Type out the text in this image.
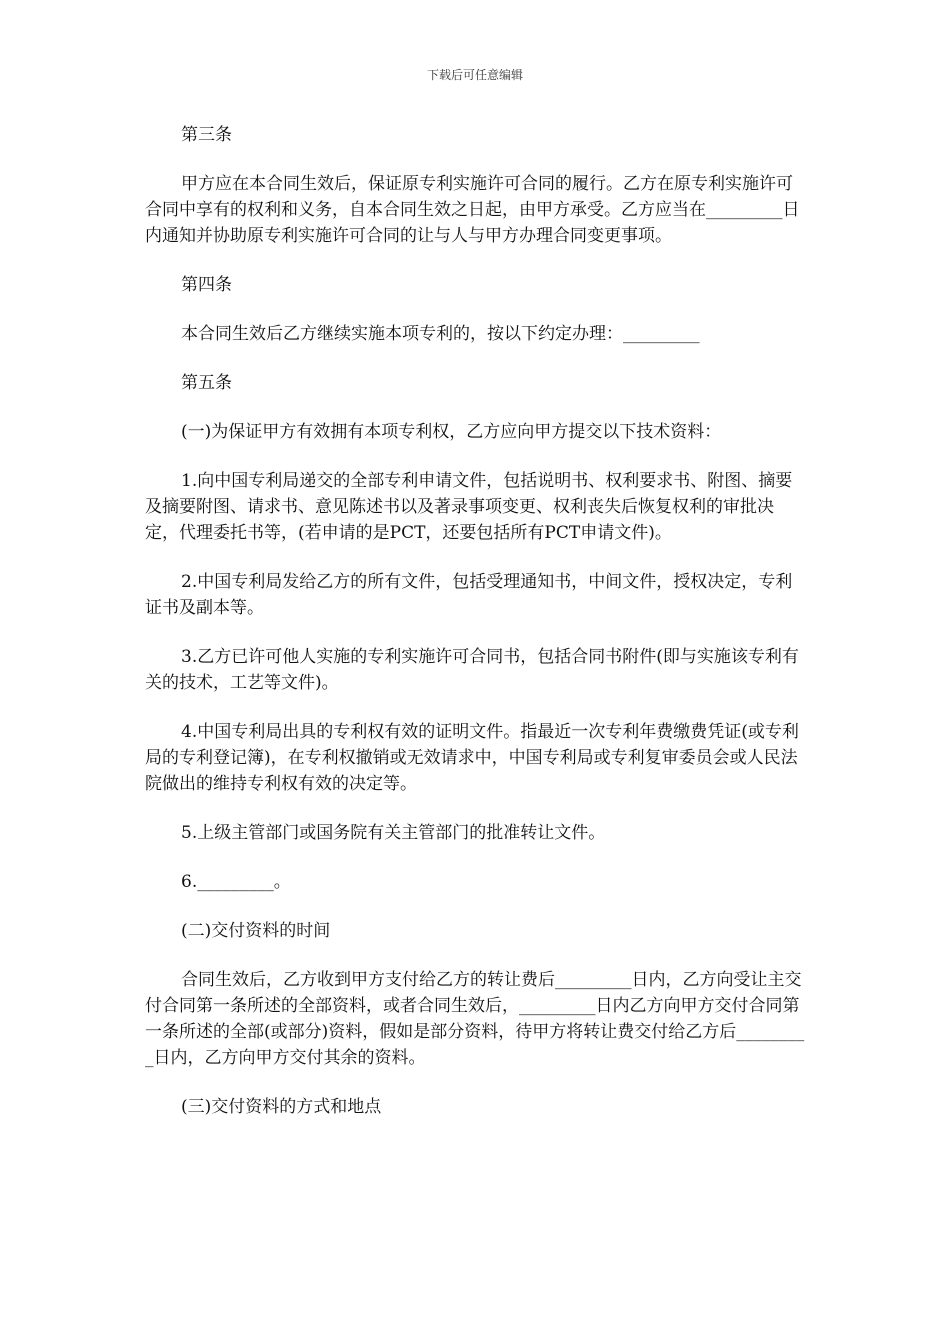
下载后可任意编辑

第三条

甲方应在本合同生效后，保证原专利实施许可合同的履行。乙方在原专利实施许可合同中享有的权利和义务，自本合同生效之日起，由甲方承受。乙方应当在_________日内通知并协助原专利实施许可合同的让与人与甲方办理合同变更事项。

第四条

本合同生效后乙方继续实施本项专利的，按以下约定办理：_________

第五条

(一)为保证甲方有效拥有本项专利权，乙方应向甲方提交以下技术资料：

1.向中国专利局递交的全部专利申请文件，包括说明书、权利要求书、附图、摘要及摘要附图、请求书、意见陈述书以及著录事项变更、权利丧失后恢复权利的审批决定，代理委托书等，(若申请的是PCT，还要包括所有PCT申请文件)。

2.中国专利局发给乙方的所有文件，包括受理通知书，中间文件，授权决定，专利证书及副本等。

3.乙方已许可他人实施的专利实施许可合同书，包括合同书附件(即与实施该专利有关的技术，工艺等文件)。

4.中国专利局出具的专利权有效的证明文件。指最近一次专利年费缴费凭证(或专利局的专利登记簿)，在专利权撤销或无效请求中，中国专利局或专利复审委员会或人民法院做出的维持专利权有效的决定等。

5.上级主管部门或国务院有关主管部门的批准转让文件。

6._________。

(二)交付资料的时间

合同生效后，乙方收到甲方支付给乙方的转让费后_________日内，乙方向受让主交付合同第一条所述的全部资料，或者合同生效后，_________日内乙方向甲方交付合同第一条所述的全部(或部分)资料，假如是部分资料，待甲方将转让费交付给乙方后_________日内，乙方向甲方交付其余的资料。

(三)交付资料的方式和地点
